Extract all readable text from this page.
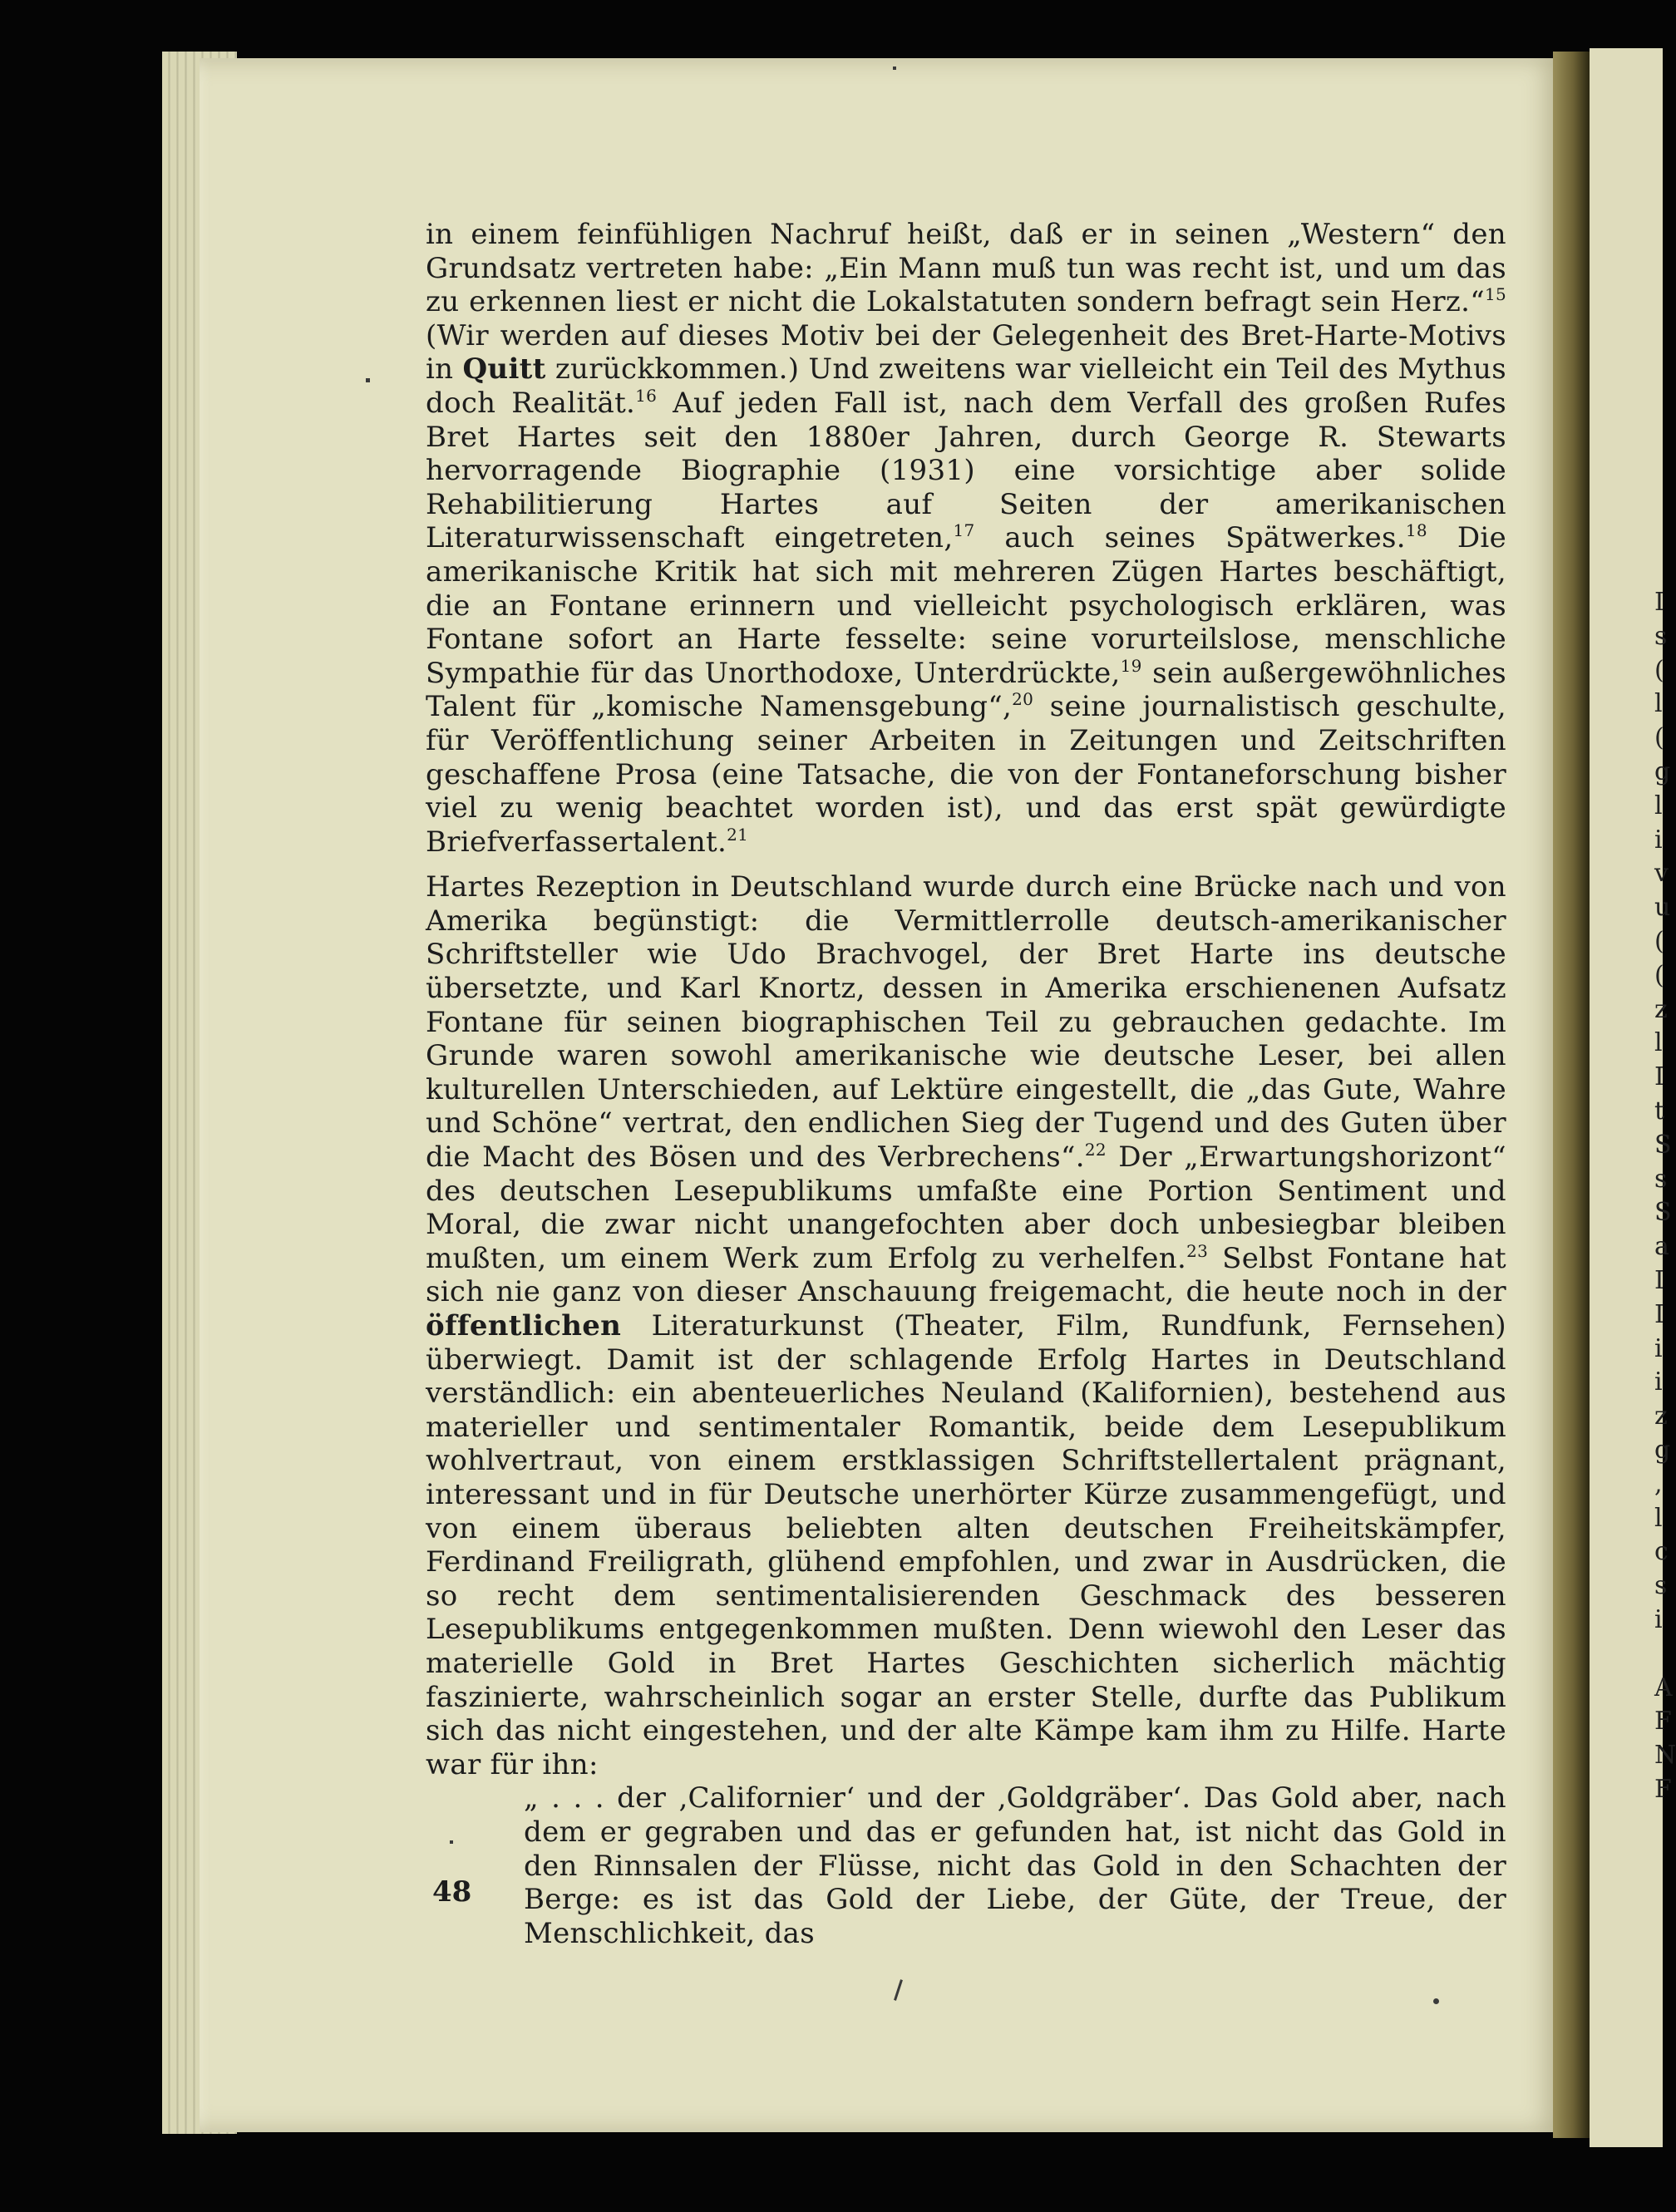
in einem feinfühligen Nachruf heißt, daß er in seinen „Western“ den Grundsatz vertreten habe: „Ein Mann muß tun was recht ist, und um das zu erkennen liest er nicht die Lokalstatuten sondern befragt sein Herz.“$^{15}$ (Wir werden auf dieses Motiv bei der Gelegenheit des Bret-Harte-Motivs in Quitt zurückkommen.) Und zweitens war vielleicht ein Teil des Mythus doch Realität.$^{16}$ Auf jeden Fall ist, nach dem Verfall des großen Rufes Bret Hartes seit den 1880er Jahren, durch George R. Stewarts hervorragende Biographie (1931) eine vorsichtige aber solide Rehabilitierung Hartes auf Seiten der amerikanischen Literaturwissenschaft eingetreten,$^{17}$ auch seines Spätwerkes.$^{18}$ Die amerikanische Kritik hat sich mit mehreren Zügen Hartes beschäftigt, die an Fontane erinnern und vielleicht psychologisch erklären, was Fontane sofort an Harte fesselte: seine vorurteilslose, menschliche Sympathie für das Unorthodoxe, Unterdrückte,$^{19}$ sein außergewöhnliches Talent für „komische Namensgebung“,$^{20}$ seine journalistisch geschulte, für Veröffentlichung seiner Arbeiten in Zeitungen und Zeitschriften geschaffene Prosa (eine Tatsache, die von der Fontaneforschung bisher viel zu wenig beachtet worden ist), und das erst spät gewürdigte Briefverfassertalent.$^{21}$

Hartes Rezeption in Deutschland wurde durch eine Brücke nach und von Amerika begünstigt: die Vermittlerrolle deutsch-amerikanischer Schriftsteller wie Udo Brachvogel, der Bret Harte ins deutsche übersetzte, und Karl Knortz, dessen in Amerika erschienenen Aufsatz Fontane für seinen biographischen Teil zu gebrauchen gedachte. Im Grunde waren sowohl amerikanische wie deutsche Leser, bei allen kulturellen Unterschieden, auf Lektüre eingestellt, die „das Gute, Wahre und Schöne“ vertrat, den endlichen Sieg der Tugend und des Guten über die Macht des Bösen und des Verbrechens“.$^{22}$ Der „Erwartungshorizont“ des deutschen Lesepublikums umfaßte eine Portion Sentiment und Moral, die zwar nicht unangefochten aber doch unbesiegbar bleiben mußten, um einem Werk zum Erfolg zu verhelfen.$^{23}$ Selbst Fontane hat sich nie ganz von dieser Anschauung freigemacht, die heute noch in der öffentlichen Literaturkunst (Theater, Film, Rundfunk, Fernsehen) überwiegt. Damit ist der schlagende Erfolg Hartes in Deutschland verständlich: ein abenteuerliches Neuland (Kalifornien), bestehend aus materieller und sentimentaler Romantik, beide dem Lesepublikum wohlvertraut, von einem erstklassigen Schriftstellertalent prägnant, interessant und in für Deutsche unerhörter Kürze zusammengefügt, und von einem überaus beliebten alten deutschen Freiheitskämpfer, Ferdinand Freiligrath, glühend empfohlen, und zwar in Ausdrücken, die so recht dem sentimentalisierenden Geschmack des besseren Lesepublikums entgegenkommen mußten. Denn wiewohl den Leser das materielle Gold in Bret Hartes Geschichten sicherlich mächtig faszinierte, wahrscheinlich sogar an erster Stelle, durfte das Publikum sich das nicht eingestehen, und der alte Kämpe kam ihm zu Hilfe. Harte war für ihn:

„ . . . der ‚Californier‘ und der ‚Goldgräber‘. Das Gold aber, nach dem er gegraben und das er gefunden hat, ist nicht das Gold in den Rinnsalen der Flüsse, nicht das Gold in den Schachten der Berge: es ist das Gold der Liebe, der Güte, der Treue, der Menschlichkeit, das

48

I
s
(
l
(
g
l
i
v
u
(
(
z
l
I
t
S
s
S
a
I
I
i
i
z
g
,
l
c
s
i
A
F
N
F
